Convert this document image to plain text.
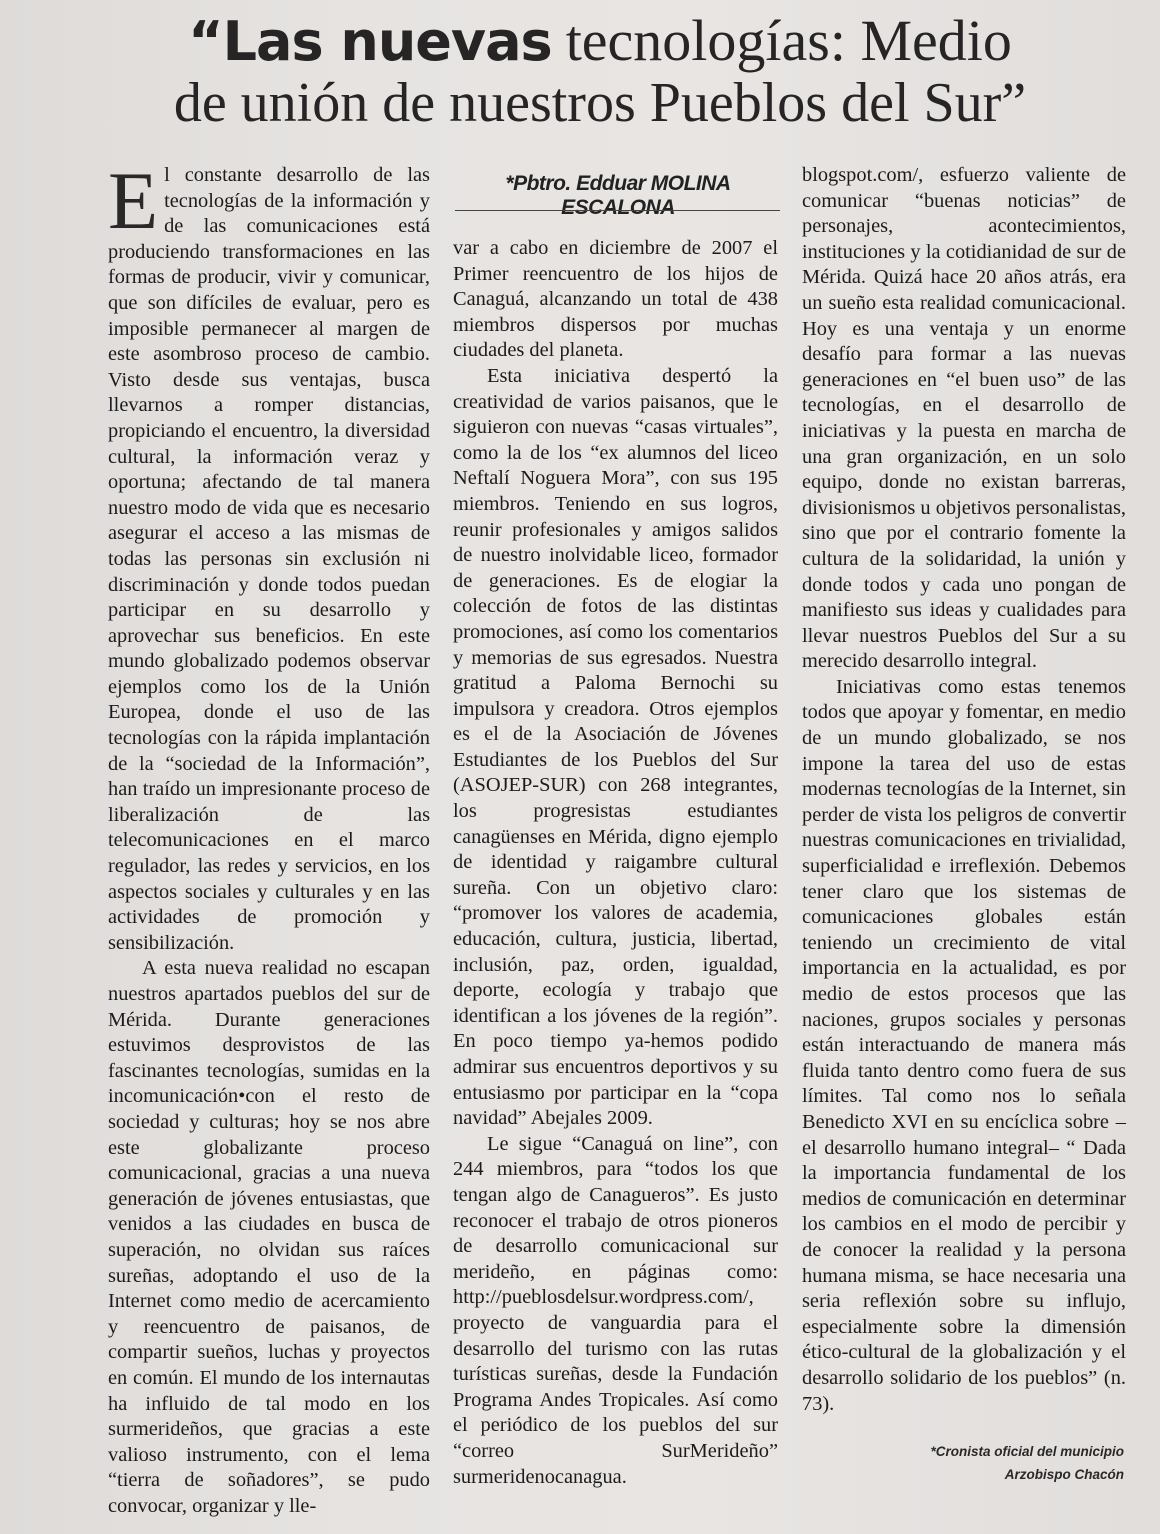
“Las nuevas tecnologías: Medio
de unión de nuestros Pueblos del Sur”
*Pbtro. Edduar MOLINA ESCALONA
E l constante desarrollo de las tecnologías de la información y de las comunicaciones está produciendo transformaciones en las formas de producir, vivir y comunicar, que son difíciles de evaluar, pero es imposible permanecer al margen de este asombroso proceso de cambio. Visto desde sus ventajas, busca llevarnos a romper distancias, propiciando el encuentro, la diversidad cultural, la información veraz y oportuna; afectando de tal manera nuestro modo de vida que es necesario asegurar el acceso a las mismas de todas las personas sin exclusión ni discriminación y donde todos puedan participar en su desarrollo y aprovechar sus beneficios. En este mundo globalizado podemos observar ejemplos como los de la Unión Europea, donde el uso de las tecnologías con la rápida implantación de la “sociedad de la Información”, han traído un impresionante proceso de liberalización de las telecomunicaciones en el marco regulador, las redes y servicios, en los aspectos sociales y culturales y en las actividades de promoción y sensibilización.

A esta nueva realidad no escapan nuestros apartados pueblos del sur de Mérida. Durante generaciones estuvimos desprovistos de las fascinantes tecnologías, sumidas en la incomunicación•con el resto de sociedad y culturas; hoy se nos abre este globalizante proceso comunicacional, gracias a una nueva generación de jóvenes entusiastas, que venidos a las ciudades en busca de superación, no olvidan sus raíces sureñas, adoptando el uso de la Internet como medio de acercamiento y reencuentro de paisanos, de compartir sueños, luchas y proyectos en común. El mundo de los internautas ha influido de tal modo en los surmerideños, que gracias a este valioso instrumento, con el lema “tierra de soñadores”, se pudo convocar, organizar y lle-

var a cabo en diciembre de 2007 el Primer reencuentro de los hijos de Canaguá, alcanzando un total de 438 miembros dispersos por muchas ciudades del planeta.

Esta iniciativa despertó la creatividad de varios paisanos, que le siguieron con nuevas “casas virtuales”, como la de los “ex alumnos del liceo Neftalí Noguera Mora”, con sus 195 miembros. Teniendo en sus logros, reunir profesionales y amigos salidos de nuestro inolvidable liceo, formador de generaciones. Es de elogiar la colección de fotos de las distintas promociones, así como los comentarios y memorias de sus egresados. Nuestra gratitud a Paloma Bernochi su impulsora y creadora. Otros ejemplos es el de la Asociación de Jóvenes Estudiantes de los Pueblos del Sur (ASOJEP-SUR) con 268 integrantes, los progresistas estudiantes canagüenses en Mérida, digno ejemplo de identidad y raigambre cultural sureña. Con un objetivo claro: “promover los valores de academia, educación, cultura, justicia, libertad, inclusión, paz, orden, igualdad, deporte, ecología y trabajo que identifican a los jóvenes de la región”. En poco tiempo ya-hemos podido admirar sus encuentros deportivos y su entusiasmo por participar en la “copa navidad” Abejales 2009.

Le sigue “Canaguá on line”, con 244 miembros, para “todos los que tengan algo de Canagueros”. Es justo reconocer el trabajo de otros pioneros de desarrollo comunicacional sur merideño, en páginas como: http://pueblosdelsur.wordpress.com/, proyecto de vanguardia para el desarrollo del turismo con las rutas turísticas sureñas, desde la Fundación Programa Andes Tropicales. Así como el periódico de los pueblos del sur “correo SurMerideño” surmeridenocanagua.

blogspot.com/, esfuerzo valiente de comunicar “buenas noticias” de personajes, acontecimientos, instituciones y la cotidianidad de sur de Mérida. Quizá hace 20 años atrás, era un sueño esta realidad comunicacional. Hoy es una ventaja y un enorme desafío para formar a las nuevas generaciones en “el buen uso” de las tecnologías, en el desarrollo de iniciativas y la puesta en marcha de una gran organización, en un solo equipo, donde no existan barreras, divisionismos u objetivos personalistas, sino que por el contrario fomente la cultura de la solidaridad, la unión y donde todos y cada uno pongan de manifiesto sus ideas y cualidades para llevar nuestros Pueblos del Sur a su merecido desarrollo integral.

Iniciativas como estas tenemos todos que apoyar y fomentar, en medio de un mundo globalizado, se nos impone la tarea del uso de estas modernas tecnologías de la Internet, sin perder de vista los peligros de convertir nuestras comunicaciones en trivialidad, superficialidad e irreflexión. Debemos tener claro que los sistemas de comunicaciones globales están teniendo un crecimiento de vital importancia en la actualidad, es por medio de estos procesos que las naciones, grupos sociales y personas están interactuando de manera más fluida tanto dentro como fuera de sus límites. Tal como nos lo señala Benedicto XVI en su encíclica sobre –el desarrollo humano integral– “ Dada la importancia fundamental de los medios de comunicación en determinar los cambios en el modo de percibir y de conocer la realidad y la persona humana misma, se hace necesaria una seria reflexión sobre su influjo, especialmente sobre la dimensión ético-cultural de la globalización y el desarrollo solidario de los pueblos” (n. 73).

*Cronista oficial del municipio
Arzobispo Chacón
